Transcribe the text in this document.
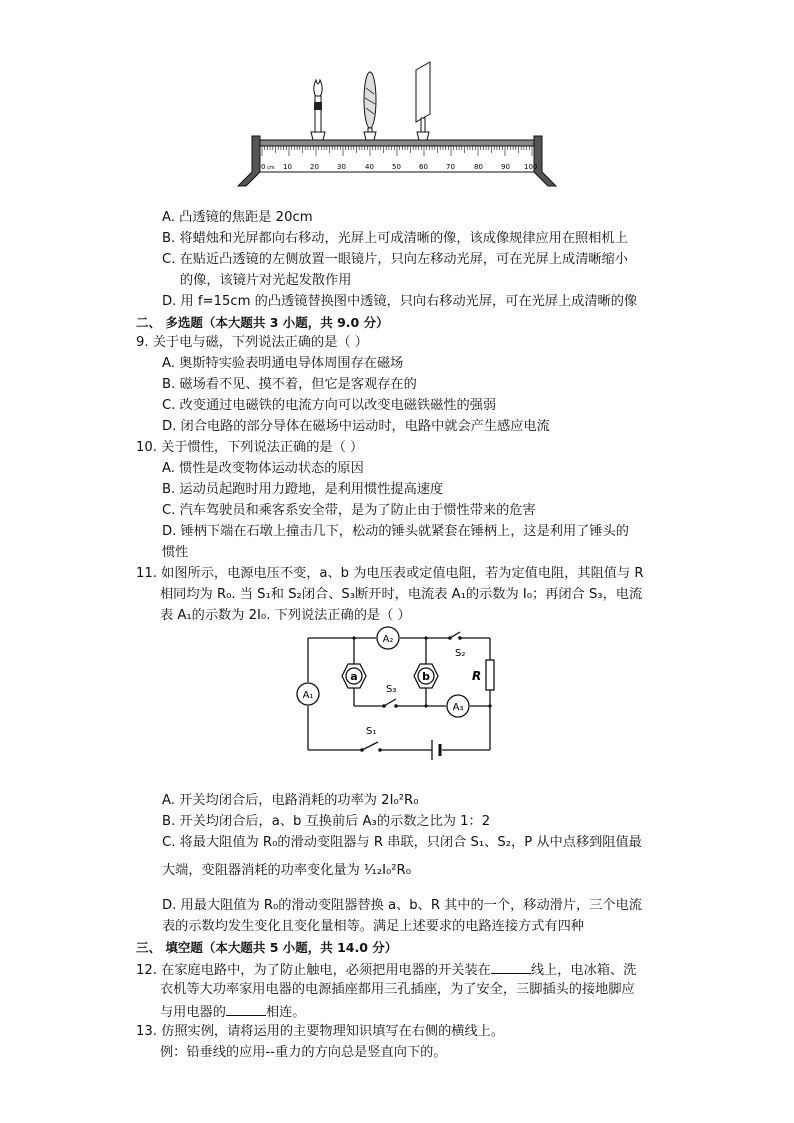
0 cm 10	20	30	40	50	60	70	80	90 100
A. 凸透镜的焦距是 20cm
B. 将蜡烛和光屏都向右移动，光屏上可成清晰的像，该成像规律应用在照相机上
C. 在贴近凸透镜的左侧放置一眼镜片，只向左移动光屏，可在光屏上成清晰缩小
的像，该镜片对光起发散作用
D. 用 f=15cm 的凸透镜替换图中透镜，只向右移动光屏，可在光屏上成清晰的像
二、 多选题（本大题共 3 小题，共 9.0 分）
9. 关于电与磁，下列说法正确的是（ ）
A. 奥斯特实验表明通电导体周围存在磁场
B. 磁场看不见、摸不着，但它是客观存在的
C. 改变通过电磁铁的电流方向可以改变电磁铁磁性的强弱
D. 闭合电路的部分导体在磁场中运动时，电路中就会产生感应电流
10. 关于惯性，下列说法正确的是（ ）
A. 惯性是改变物体运动状态的原因
B. 运动员起跑时用力蹬地，是利用惯性提高速度
C. 汽车驾驶员和乘客系安全带，是为了防止由于惯性带来的危害
D. 锤柄下端在石墩上撞击几下，松动的锤头就紧套在锤柄上，这是利用了锤头的
惯性
11. 如图所示，电源电压不变，a、b 为电压表或定值电阻，若为定值电阻，其阻值与 R
相同均为 R₀. 当 S₁和 S₂闭合、S₃断开时，电流表 A₁的示数为 I₀；再闭合 S₃，电流
表 A₁的示数为 2I₀. 下列说法正确的是（ ）
A₁
A₂
A₃
a	b	R
S₂
S₃
S₁
A. 开关均闭合后，电路消耗的功率为 2I₀²R₀
B. 开关均闭合后，a、b 互换前后 A₃的示数之比为 1：2
C. 将最大阻值为 R₀的滑动变阻器与 R 串联，只闭合 S₁、S₂，P 从中点移到阻值最
大端，变阻器消耗的功率变化量为 ¹⁄₁₂I₀²R₀
D. 用最大阻值为 R₀的滑动变阻器替换 a、b、R 其中的一个，移动滑片，三个电流
表的示数均发生变化且变化量相等。满足上述要求的电路连接方式有四种
三、 填空题（本大题共 5 小题，共 14.0 分）
12. 在家庭电路中，为了防止触电，必须把用电器的开关装在	线上，电冰箱、洗
衣机等大功率家用电器的电源插座都用三孔插座，为了安全，三脚插头的接地脚应
与用电器的	相连。
13. 仿照实例，请将运用的主要物理知识填写在右侧的横线上。
例：铅垂线的应用--重力的方向总是竖直向下的。
